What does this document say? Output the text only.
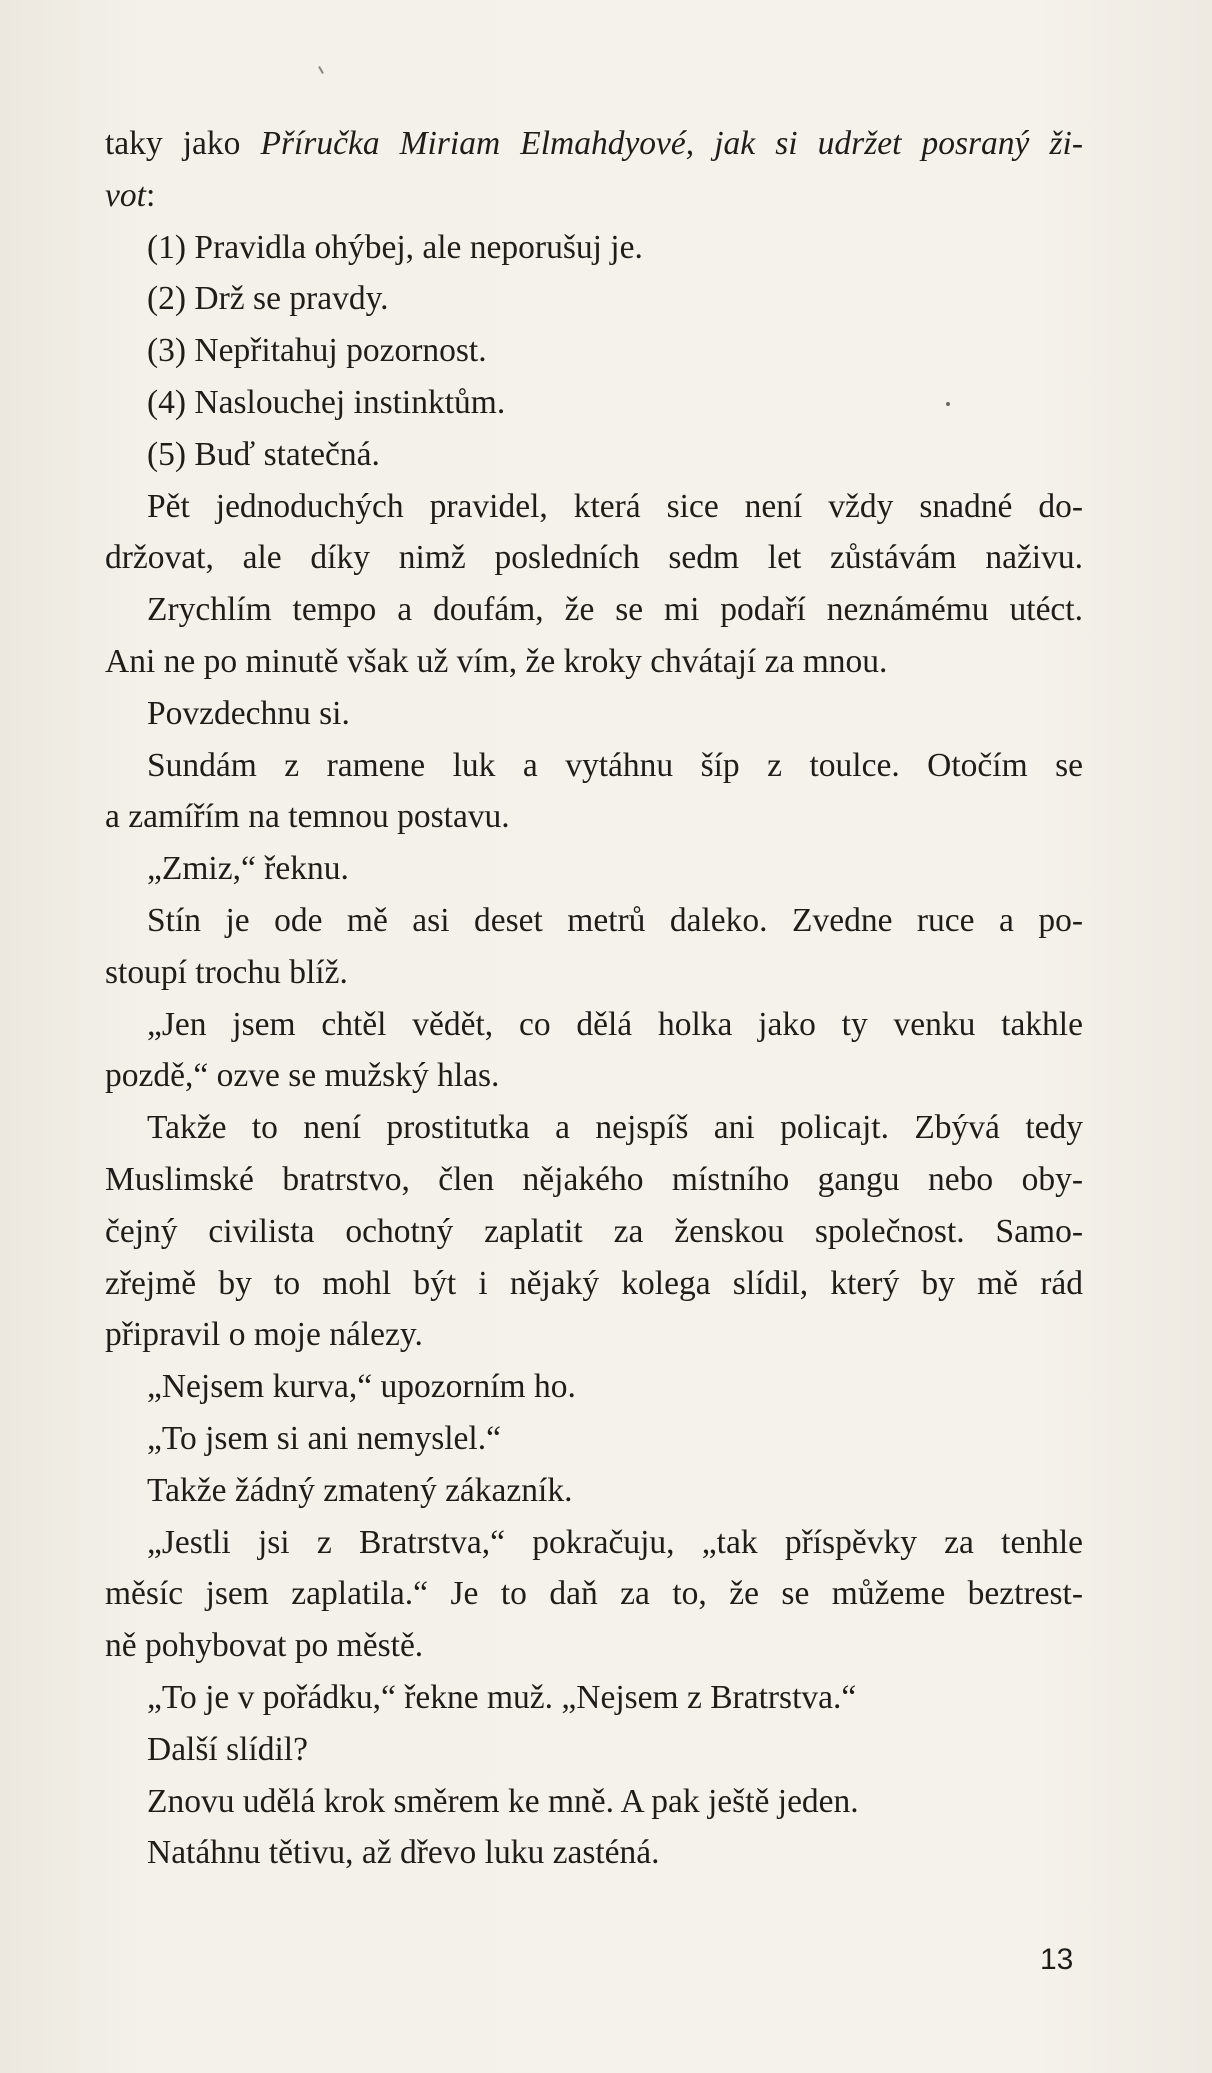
taky jako Příručka Miriam Elmahdyové, jak si udržet posraný ži-
vot:
(1) Pravidla ohýbej, ale neporušuj je.
(2) Drž se pravdy.
(3) Nepřitahuj pozornost.
(4) Naslouchej instinktům.
(5) Buď statečná.
Pět jednoduchých pravidel, která sice není vždy snadné do-
držovat, ale díky nimž posledních sedm let zůstávám naživu.
Zrychlím tempo a doufám, že se mi podaří neznámému utéct.
Ani ne po minutě však už vím, že kroky chvátají za mnou.
Povzdechnu si.
Sundám z ramene luk a vytáhnu šíp z toulce. Otočím se
a zamířím na temnou postavu.
„Zmiz,“ řeknu.
Stín je ode mě asi deset metrů daleko. Zvedne ruce a po-
stoupí trochu blíž.
„Jen jsem chtěl vědět, co dělá holka jako ty venku takhle
pozdě,“ ozve se mužský hlas.
Takže to není prostitutka a nejspíš ani policajt. Zbývá tedy
Muslimské bratrstvo, člen nějakého místního gangu nebo oby-
čejný civilista ochotný zaplatit za ženskou společnost. Samo-
zřejmě by to mohl být i nějaký kolega slídil, který by mě rád
připravil o moje nálezy.
„Nejsem kurva,“ upozorním ho.
„To jsem si ani nemyslel.“
Takže žádný zmatený zákazník.
„Jestli jsi z Bratrstva,“ pokračuju, „tak příspěvky za tenhle
měsíc jsem zaplatila.“ Je to daň za to, že se můžeme beztrest-
ně pohybovat po městě.
„To je v pořádku,“ řekne muž. „Nejsem z Bratrstva.“
Další slídil?
Znovu udělá krok směrem ke mně. A pak ještě jeden.
Natáhnu tětivu, až dřevo luku zasténá.
13
